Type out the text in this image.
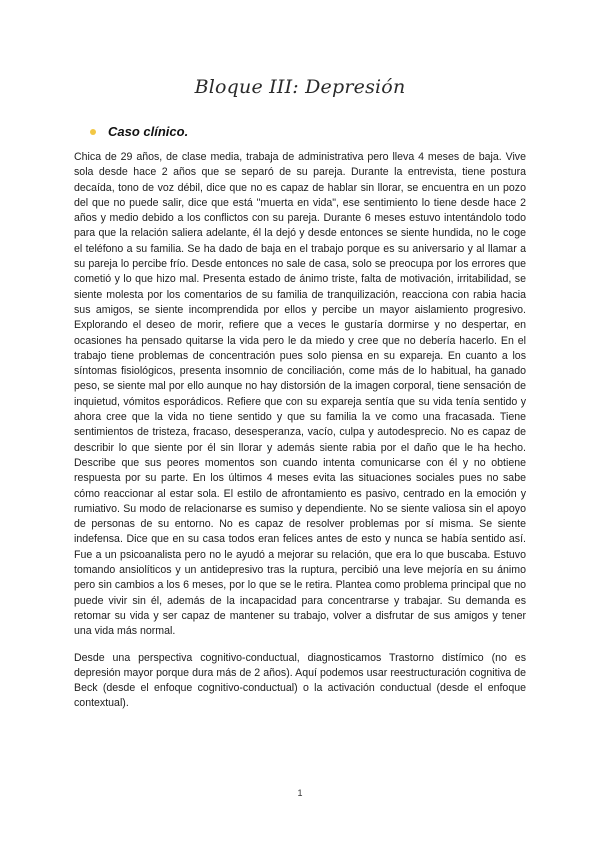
Bloque III: Depresión
Caso clínico.

Chica de 29 años, de clase media, trabaja de administrativa pero lleva 4 meses de baja. Vive sola desde hace 2 años que se separó de su pareja. Durante la entrevista, tiene postura decaída, tono de voz débil, dice que no es capaz de hablar sin llorar, se encuentra en un pozo del que no puede salir, dice que está "muerta en vida", ese sentimiento lo tiene desde hace 2 años y medio debido a los conflictos con su pareja. Durante 6 meses estuvo intentándolo todo para que la relación saliera adelante, él la dejó y desde entonces se siente hundida, no le coge el teléfono a su familia. Se ha dado de baja en el trabajo porque es su aniversario y al llamar a su pareja lo percibe frío. Desde entonces no sale de casa, solo se preocupa por los errores que cometió y lo que hizo mal. Presenta estado de ánimo triste, falta de motivación, irritabilidad, se siente molesta por los comentarios de su familia de tranquilización, reacciona con rabia hacia sus amigos, se siente incomprendida por ellos y percibe un mayor aislamiento progresivo. Explorando el deseo de morir, refiere que a veces le gustaría dormirse y no despertar, en ocasiones ha pensado quitarse la vida pero le da miedo y cree que no debería hacerlo. En el trabajo tiene problemas de concentración pues solo piensa en su expareja. En cuanto a los síntomas fisiológicos, presenta insomnio de conciliación, come más de lo habitual, ha ganado peso, se siente mal por ello aunque no hay distorsión de la imagen corporal, tiene sensación de inquietud, vómitos esporádicos. Refiere que con su expareja sentía que su vida tenía sentido y ahora cree que la vida no tiene sentido y que su familia la ve como una fracasada. Tiene sentimientos de tristeza, fracaso, desesperanza, vacío, culpa y autodesprecio. No es capaz de describir lo que siente por él sin llorar y además siente rabia por el daño que le ha hecho. Describe que sus peores momentos son cuando intenta comunicarse con él y no obtiene respuesta por su parte. En los últimos 4 meses evita las situaciones sociales pues no sabe cómo reaccionar al estar sola. El estilo de afrontamiento es pasivo, centrado en la emoción y rumiativo. Su modo de relacionarse es sumiso y dependiente. No se siente valiosa sin el apoyo de personas de su entorno. No es capaz de resolver problemas por sí misma. Se siente indefensa. Dice que en su casa todos eran felices antes de esto y nunca se había sentido así. Fue a un psicoanalista pero no le ayudó a mejorar su relación, que era lo que buscaba. Estuvo tomando ansiolíticos y un antidepresivo tras la ruptura, percibió una leve mejoría en su ánimo pero sin cambios a los 6 meses, por lo que se le retira. Plantea como problema principal que no puede vivir sin él, además de la incapacidad para concentrarse y trabajar. Su demanda es retomar su vida y ser capaz de mantener su trabajo, volver a disfrutar de sus amigos y tener una vida más normal.

Desde una perspectiva cognitivo-conductual, diagnosticamos Trastorno distímico (no es depresión mayor porque dura más de 2 años). Aquí podemos usar reestructuración cognitiva de Beck (desde el enfoque cognitivo-conductual) o la activación conductual (desde el enfoque contextual).

1
